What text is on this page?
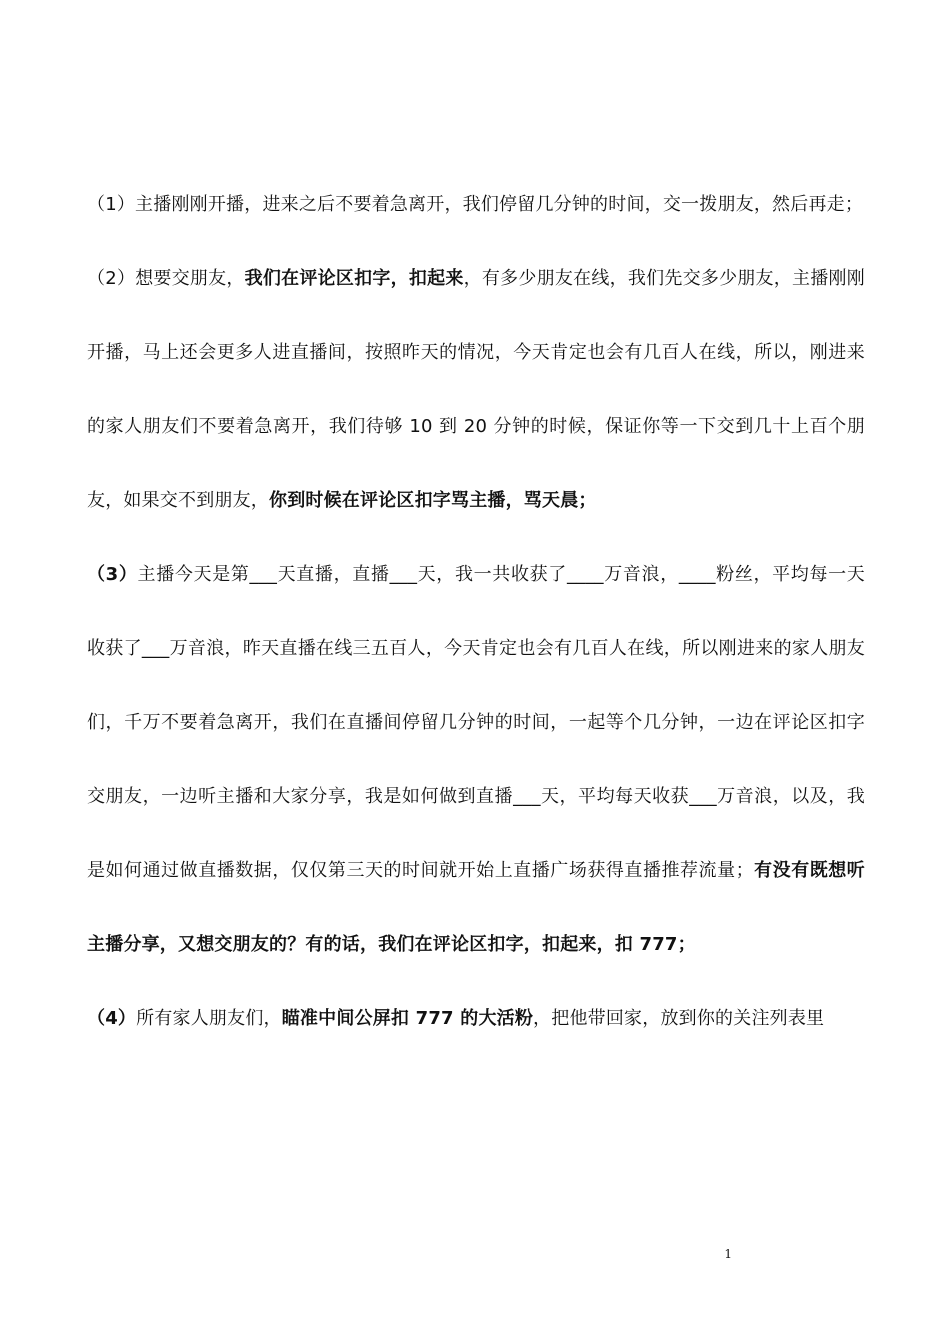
（1）主播刚刚开播，进来之后不要着急离开，我们停留几分钟的时间，交一拨朋友，然后再走；

（2）想要交朋友，我们在评论区扣字，扣起来，有多少朋友在线，我们先交多少朋友，主播刚刚开播，马上还会更多人进直播间，按照昨天的情况，今天肯定也会有几百人在线，所以，刚进来的家人朋友们不要着急离开，我们待够 10 到 20 分钟的时候，保证你等一下交到几十上百个朋友，如果交不到朋友，你到时候在评论区扣字骂主播，骂天晨；

（3）主播今天是第___天直播，直播___天，我一共收获了____万音浪，____粉丝，平均每一天收获了___万音浪，昨天直播在线三五百人，今天肯定也会有几百人在线，所以刚进来的家人朋友们，千万不要着急离开，我们在直播间停留几分钟的时间，一起等个几分钟，一边在评论区扣字交朋友，一边听主播和大家分享，我是如何做到直播___天，平均每天收获___万音浪，以及，我是如何通过做直播数据，仅仅第三天的时间就开始上直播广场获得直播推荐流量；有没有既想听主播分享，又想交朋友的？有的话，我们在评论区扣字，扣起来，扣 777；

（4）所有家人朋友们，瞄准中间公屏扣 777 的大活粉，把他带回家，放到你的关注列表里

1
